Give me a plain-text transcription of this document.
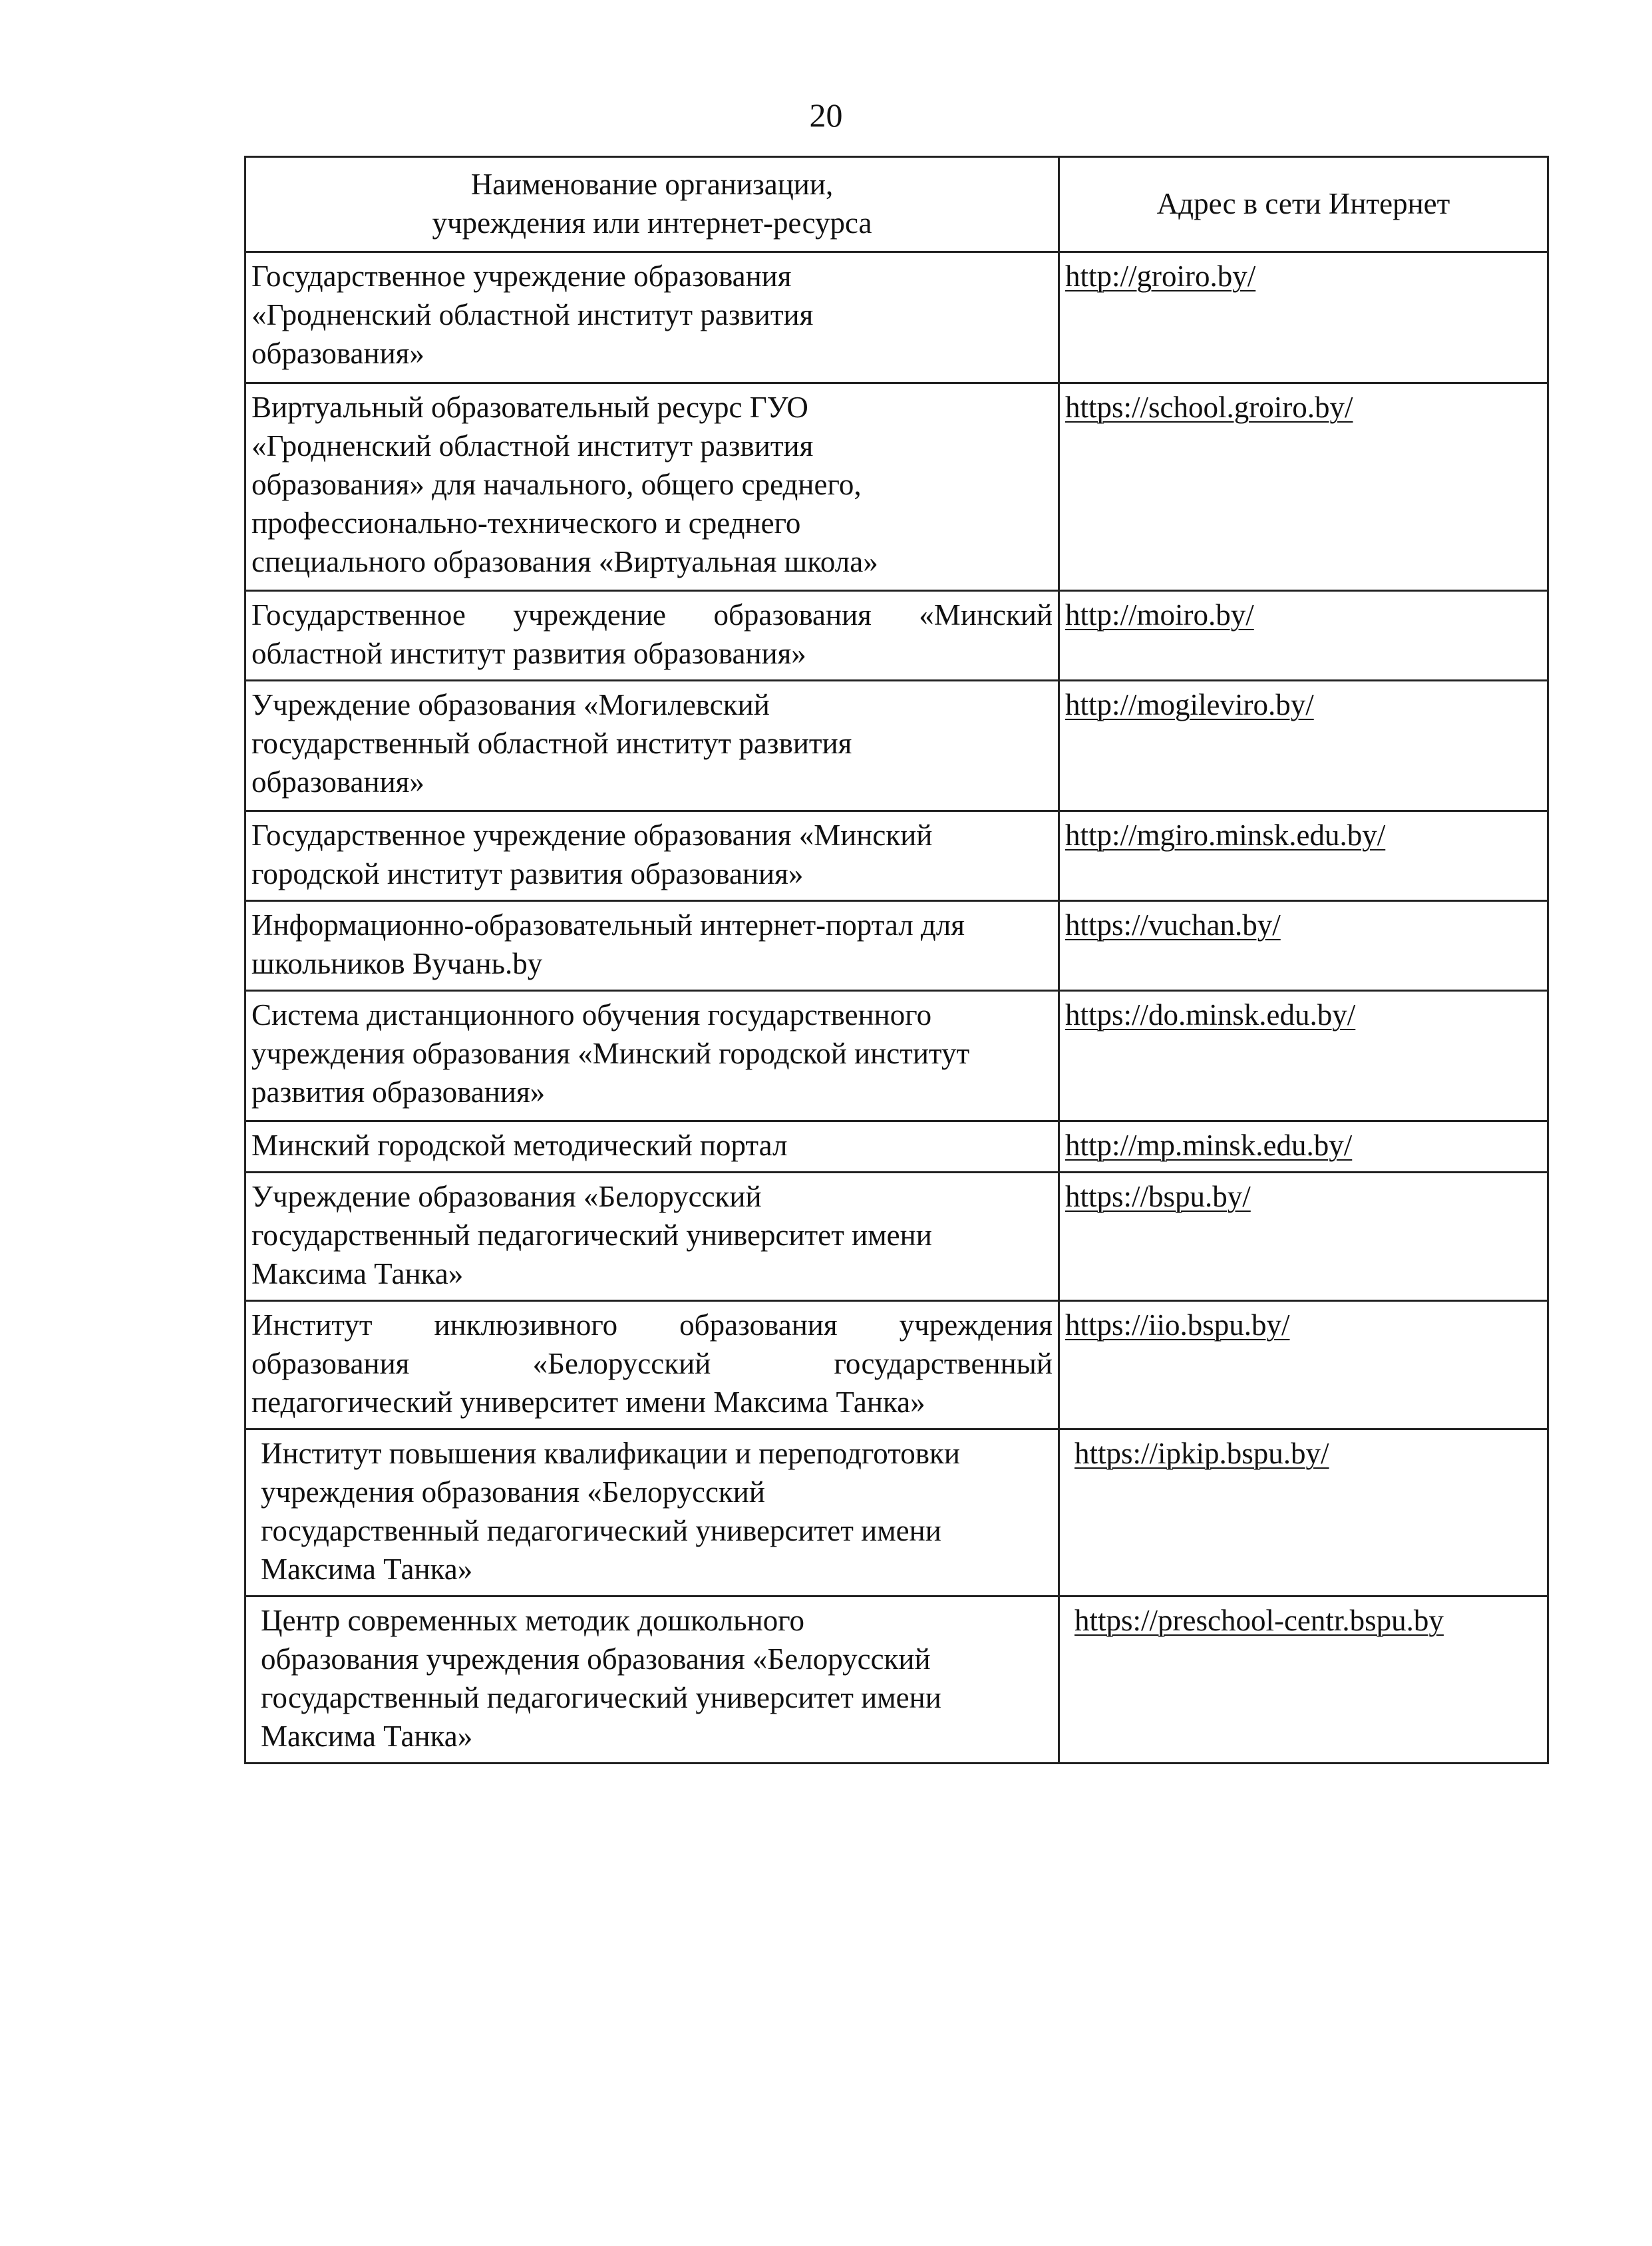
20
Наименование организации,
учреждения или интернет-ресурса	Адрес в сети Интернет

Государственное учреждение образования
«Гродненский областной институт развития
образования»	http://groiro.by/

Виртуальный образовательный ресурс ГУО
«Гродненский областной институт развития
образования» для начального, общего среднего,
профессионально-технического и среднего
специального образования «Виртуальная школа»	https://school.groiro.by/

Государственное учреждение образования «Минский
областной институт развития образования»	http://moiro.by/

Учреждение образования «Могилевский
государственный областной институт развития
образования»	http://mogileviro.by/

Государственное учреждение образования «Минский
городской институт развития образования»	http://mgiro.minsk.edu.by/

Информационно-образовательный интернет-портал для
школьников Вучань.by	https://vuchan.by/

Система дистанционного обучения государственного
учреждения образования «Минский городской институт
развития образования»	https://do.minsk.edu.by/

Минский городской методический портал	http://mp.minsk.edu.by/

Учреждение образования «Белорусский
государственный педагогический университет имени
Максима Танка»	https://bspu.by/

Институт инклюзивного образования учреждения
образования «Белорусский государственный
педагогический университет имени Максима Танка»	https://iio.bspu.by/

Институт повышения квалификации и переподготовки
учреждения образования «Белорусский
государственный педагогический университет имени
Максима Танка»	https://ipkip.bspu.by/

Центр современных методик дошкольного
образования учреждения образования «Белорусский
государственный педагогический университет имени
Максима Танка»	https://preschool-centr.bspu.by
